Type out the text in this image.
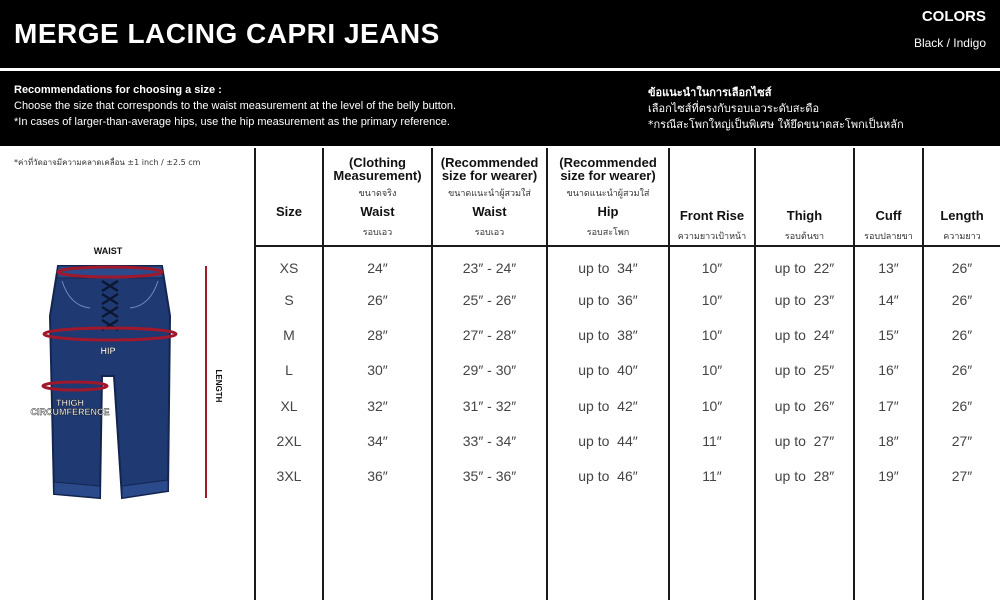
MERGE LACING CAPRI JEANS
COLORS
Black / Indigo
Recommendations for choosing a size :
Choose the size that corresponds to the waist measurement at the level of the belly button.
*In cases of larger-than-average hips, use the hip measurement as the primary reference.
ข้อแนะนำในการเลือกไซส์
เลือกไซส์ที่ตรงกับรอบเอวระดับสะดือ
*กรณีสะโพกใหญ่เป็นพิเศษ ให้ยึดขนาดสะโพกเป็นหลัก
*ค่าที่วัดอาจมีความคลาดเคลื่อน ±1 inch / ±2.5 cm
WAIST
HIP
THIGH
CIRCUMFERENCE
LENGTH
Size
(Clothing Measurement)
ขนาดจริง
Waist
รอบเอว
(Recommended size for wearer)
ขนาดแนะนำผู้สวมใส่
Waist
รอบเอว
(Recommended size for wearer)
ขนาดแนะนำผู้สวมใส่
Hip
รอบสะโพก
Front Rise
ความยาวเป้าหน้า
Thigh
รอบต้นขา
Cuff
รอบปลายขา
Length
ความยาว
XS	24″	23″ - 24″	up to  34″	10″	up to  22″	13″	26″
S	26″	25″ - 26″	up to  36″	10″	up to  23″	14″	26″
M	28″	27″ - 28″	up to  38″	10″	up to  24″	15″	26″
L	30″	29″ - 30″	up to  40″	10″	up to  25″	16″	26″
XL	32″	31″ - 32″	up to  42″	10″	up to  26″	17″	26″
2XL	34″	33″ - 34″	up to  44″	11″	up to  27″	18″	27″
3XL	36″	35″ - 36″	up to  46″	11″	up to  28″	19″	27″
